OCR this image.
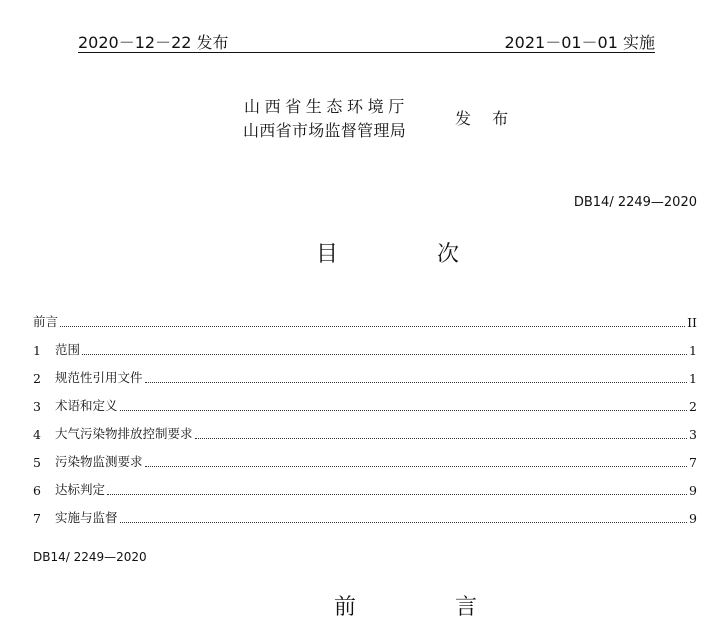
2020－12－22 发布	2021－01－01 实施
山西省生态环境厅
山西省市场监督管理局
发 布
DB14/ 2249—2020
目 次
前言	II
1	范围	1
2	规范性引用文件	1
3	术语和定义	2
4	大气污染物排放控制要求	3
5	污染物监测要求	7
6	达标判定	9
7	实施与监督	9
DB14/ 2249—2020
前 言
